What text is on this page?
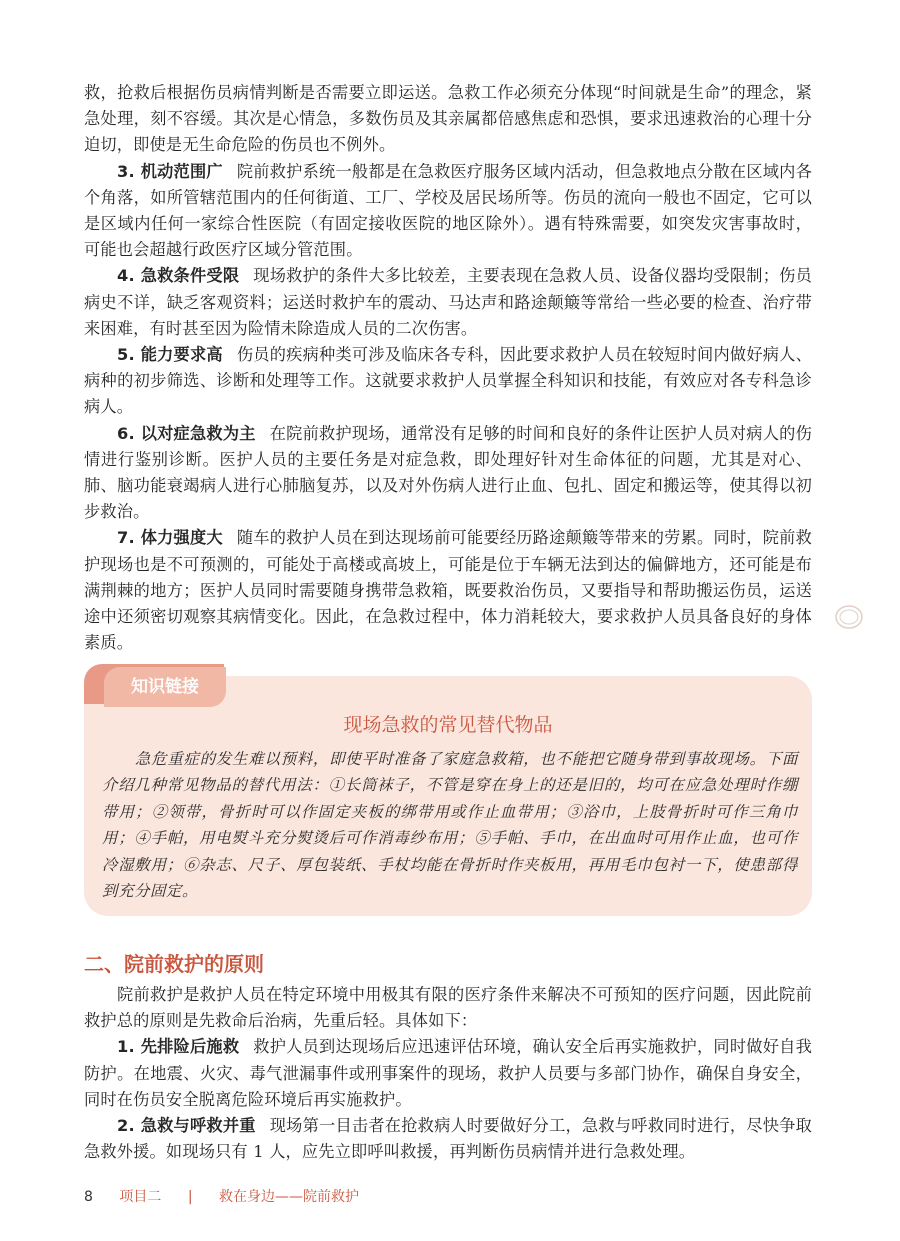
救，抢救后根据伤员病情判断是否需要立即运送。急救工作必须充分体现“时间就是生命”的理念，紧急处理，刻不容缓。其次是心情急，多数伤员及其亲属都倍感焦虑和恐惧，要求迅速救治的心理十分迫切，即使是无生命危险的伤员也不例外。

3. 机动范围广 院前救护系统一般都是在急救医疗服务区域内活动，但急救地点分散在区域内各个角落，如所管辖范围内的任何街道、工厂、学校及居民场所等。伤员的流向一般也不固定，它可以是区域内任何一家综合性医院（有固定接收医院的地区除外）。遇有特殊需要，如突发灾害事故时，可能也会超越行政医疗区域分管范围。

4. 急救条件受限 现场救护的条件大多比较差，主要表现在急救人员、设备仪器均受限制；伤员病史不详，缺乏客观资料；运送时救护车的震动、马达声和路途颠簸等常给一些必要的检查、治疗带来困难，有时甚至因为险情未除造成人员的二次伤害。

5. 能力要求高 伤员的疾病种类可涉及临床各专科，因此要求救护人员在较短时间内做好病人、病种的初步筛选、诊断和处理等工作。这就要求救护人员掌握全科知识和技能，有效应对各专科急诊病人。

6. 以对症急救为主 在院前救护现场，通常没有足够的时间和良好的条件让医护人员对病人的伤情进行鉴别诊断。医护人员的主要任务是对症急救，即处理好针对生命体征的问题，尤其是对心、肺、脑功能衰竭病人进行心肺脑复苏，以及对外伤病人进行止血、包扎、固定和搬运等，使其得以初步救治。

7. 体力强度大 随车的救护人员在到达现场前可能要经历路途颠簸等带来的劳累。同时，院前救护现场也是不可预测的，可能处于高楼或高坡上，可能是位于车辆无法到达的偏僻地方，还可能是布满荆棘的地方；医护人员同时需要随身携带急救箱，既要救治伤员，又要指导和帮助搬运伤员，运送途中还须密切观察其病情变化。因此，在急救过程中，体力消耗较大，要求救护人员具备良好的身体素质。

知识链接
现场急救的常见替代物品

急危重症的发生难以预料，即使平时准备了家庭急救箱，也不能把它随身带到事故现场。下面介绍几种常见物品的替代用法：①长筒袜子，不管是穿在身上的还是旧的，均可在应急处理时作绷带用；②领带，骨折时可以作固定夹板的绑带用或作止血带用；③浴巾，上肢骨折时可作三角巾用；④手帕，用电熨斗充分熨烫后可作消毒纱布用；⑤手帕、手巾，在出血时可用作止血，也可作冷湿敷用；⑥杂志、尺子、厚包装纸、手杖均能在骨折时作夹板用，再用毛巾包衬一下，使患部得到充分固定。

二、院前救护的原则

院前救护是救护人员在特定环境中用极其有限的医疗条件来解决不可预知的医疗问题，因此院前救护总的原则是先救命后治病，先重后轻。具体如下：

1. 先排险后施救 救护人员到达现场后应迅速评估环境，确认安全后再实施救护，同时做好自我防护。在地震、火灾、毒气泄漏事件或刑事案件的现场，救护人员要与多部门协作，确保自身安全，同时在伤员安全脱离危险环境后再实施救护。

2. 急救与呼救并重 现场第一目击者在抢救病人时要做好分工，急救与呼救同时进行，尽快争取急救外援。如现场只有 1 人，应先立即呼叫救援，再判断伤员病情并进行急救处理。

8 项目二 | 救在身边——院前救护
